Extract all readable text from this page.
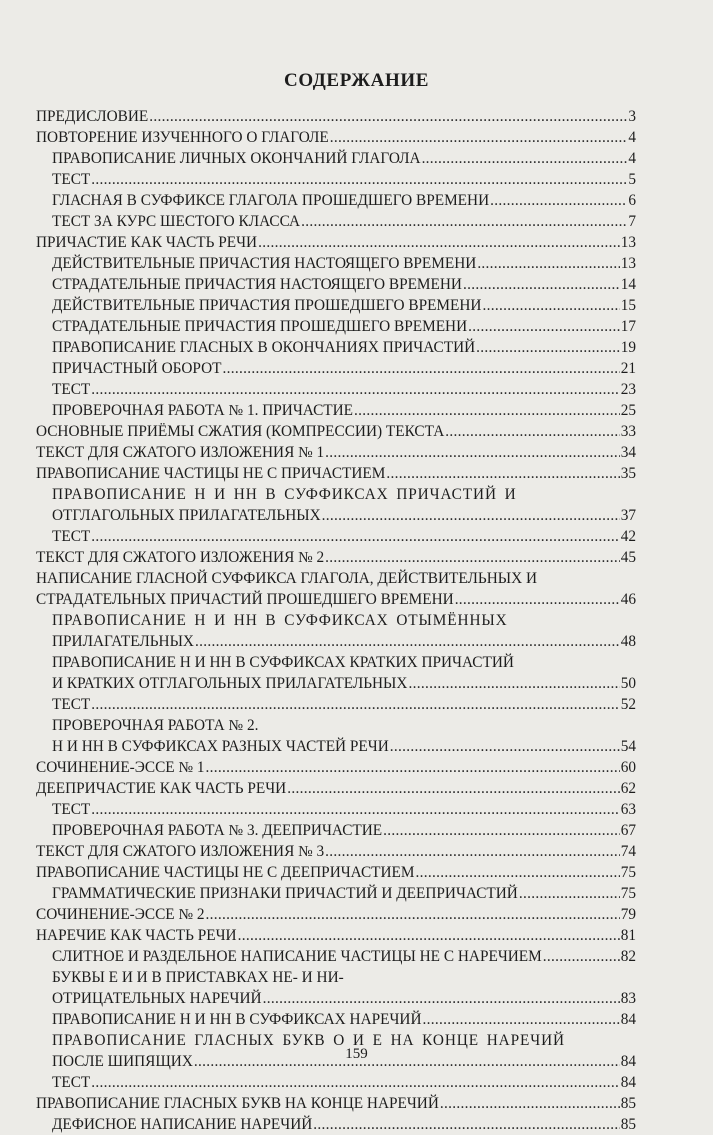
СОДЕРЖАНИЕ
ПРЕДИСЛОВИЕ .....	3
ПОВТОРЕНИЕ ИЗУЧЕННОГО О ГЛАГОЛЕ .....	4
ПРАВОПИСАНИЕ ЛИЧНЫХ ОКОНЧАНИЙ ГЛАГОЛА .....	4
ТЕСТ .....	5
ГЛАСНАЯ В СУФФИКСЕ ГЛАГОЛА ПРОШЕДШЕГО ВРЕМЕНИ .....	6
ТЕСТ ЗА КУРС ШЕСТОГО КЛАССА .....	7
ПРИЧАСТИЕ КАК ЧАСТЬ РЕЧИ .....	13
ДЕЙСТВИТЕЛЬНЫЕ ПРИЧАСТИЯ НАСТОЯЩЕГО ВРЕМЕНИ .....	13
СТРАДАТЕЛЬНЫЕ ПРИЧАСТИЯ НАСТОЯЩЕГО ВРЕМЕНИ .....	14
ДЕЙСТВИТЕЛЬНЫЕ ПРИЧАСТИЯ ПРОШЕДШЕГО ВРЕМЕНИ .....	15
СТРАДАТЕЛЬНЫЕ ПРИЧАСТИЯ ПРОШЕДШЕГО ВРЕМЕНИ .....	17
ПРАВОПИСАНИЕ ГЛАСНЫХ В ОКОНЧАНИЯХ ПРИЧАСТИЙ .....	19
ПРИЧАСТНЫЙ ОБОРОТ .....	21
ТЕСТ .....	23
ПРОВЕРОЧНАЯ РАБОТА № 1. ПРИЧАСТИЕ .....	25
ОСНОВНЫЕ ПРИЁМЫ СЖАТИЯ (КОМПРЕССИИ) ТЕКСТА .....	33
ТЕКСТ ДЛЯ СЖАТОГО ИЗЛОЖЕНИЯ № 1 .....	34
ПРАВОПИСАНИЕ ЧАСТИЦЫ НЕ С ПРИЧАСТИЕМ .....	35
ПРАВОПИСАНИЕ Н И НН В СУФФИКСАХ ПРИЧАСТИЙ И
ОТГЛАГОЛЬНЫХ ПРИЛАГАТЕЛЬНЫХ .....	37
ТЕСТ .....	42
ТЕКСТ ДЛЯ СЖАТОГО ИЗЛОЖЕНИЯ № 2 .....	45
НАПИСАНИЕ ГЛАСНОЙ СУФФИКСА ГЛАГОЛА, ДЕЙСТВИТЕЛЬНЫХ И
СТРАДАТЕЛЬНЫХ ПРИЧАСТИЙ ПРОШЕДШЕГО ВРЕМЕНИ .....	46
ПРАВОПИСАНИЕ Н И НН В СУФФИКСАХ ОТЫМЁННЫХ
ПРИЛАГАТЕЛЬНЫХ .....	48
ПРАВОПИСАНИЕ Н И НН В СУФФИКСАХ КРАТКИХ ПРИЧАСТИЙ
И КРАТКИХ ОТГЛАГОЛЬНЫХ ПРИЛАГАТЕЛЬНЫХ .....	50
ТЕСТ .....	52
ПРОВЕРОЧНАЯ РАБОТА № 2.
Н И НН В СУФФИКСАХ РАЗНЫХ ЧАСТЕЙ РЕЧИ .....	54
СОЧИНЕНИЕ-ЭССЕ № 1 .....	60
ДЕЕПРИЧАСТИЕ КАК ЧАСТЬ РЕЧИ .....	62
ТЕСТ .....	63
ПРОВЕРОЧНАЯ РАБОТА № 3. ДЕЕПРИЧАСТИЕ .....	67
ТЕКСТ ДЛЯ СЖАТОГО ИЗЛОЖЕНИЯ № 3 .....	74
ПРАВОПИСАНИЕ ЧАСТИЦЫ НЕ С ДЕЕПРИЧАСТИЕМ .....	75
ГРАММАТИЧЕСКИЕ ПРИЗНАКИ ПРИЧАСТИЙ И ДЕЕПРИЧАСТИЙ .....	75
СОЧИНЕНИЕ-ЭССЕ № 2 .....	79
НАРЕЧИЕ КАК ЧАСТЬ РЕЧИ .....	81
СЛИТНОЕ И РАЗДЕЛЬНОЕ НАПИСАНИЕ ЧАСТИЦЫ НЕ С НАРЕЧИЕМ .....	82
БУКВЫ Е И И В ПРИСТАВКАХ НЕ- И НИ-
ОТРИЦАТЕЛЬНЫХ НАРЕЧИЙ .....	83
ПРАВОПИСАНИЕ Н И НН В СУФФИКСАХ НАРЕЧИЙ .....	84
ПРАВОПИСАНИЕ ГЛАСНЫХ БУКВ О И Е НА КОНЦЕ НАРЕЧИЙ
ПОСЛЕ ШИПЯЩИХ .....	84
ТЕСТ .....	84
ПРАВОПИСАНИЕ ГЛАСНЫХ БУКВ НА КОНЦЕ НАРЕЧИЙ .....	85
ДЕФИСНОЕ НАПИСАНИЕ НАРЕЧИЙ .....	85
159
